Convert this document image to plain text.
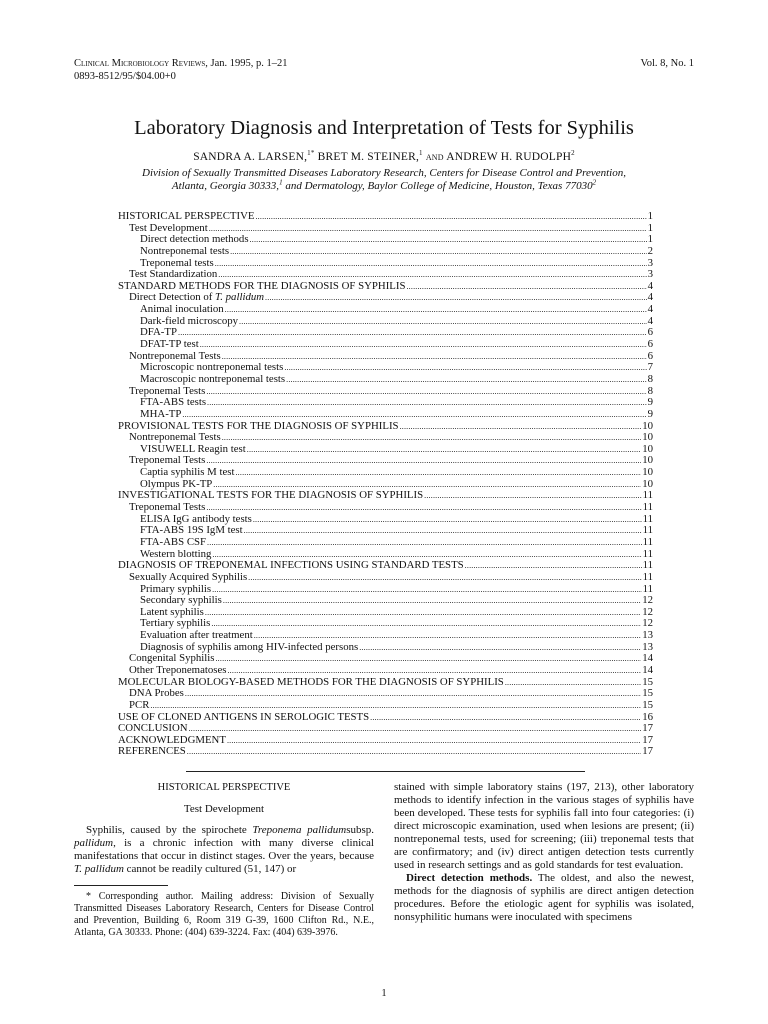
Clinical Microbiology Reviews, Jan. 1995, p. 1–21
0893-8512/95/$04.00+0
Vol. 8, No. 1
Laboratory Diagnosis and Interpretation of Tests for Syphilis
SANDRA A. LARSEN,$^{1*}$ BRET M. STEINER,$^1$ and ANDREW H. RUDOLPH$^2$
Division of Sexually Transmitted Diseases Laboratory Research, Centers for Disease Control and Prevention,
Atlanta, Georgia 30333,$^1$ and Dermatology, Baylor College of Medicine, Houston, Texas 77030$^2$
HISTORICAL PERSPECTIVE .....	1
Test Development .....	1
Direct detection methods .....	1
Nontreponemal tests .....	2
Treponemal tests .....	3
Test Standardization .....	3
STANDARD METHODS FOR THE DIAGNOSIS OF SYPHILIS .....	4
Direct Detection of T. pallidum .....	4
Animal inoculation .....	4
Dark-field microscopy .....	4
DFA-TP .....	6
DFAT-TP test .....	6
Nontreponemal Tests .....	6
Microscopic nontreponemal tests .....	7
Macroscopic nontreponemal tests .....	8
Treponemal Tests .....	8
FTA-ABS tests .....	9
MHA-TP .....	9
PROVISIONAL TESTS FOR THE DIAGNOSIS OF SYPHILIS .....	10
Nontreponemal Tests .....	10
VISUWELL Reagin test .....	10
Treponemal Tests .....	10
Captia syphilis M test .....	10
Olympus PK-TP .....	10
INVESTIGATIONAL TESTS FOR THE DIAGNOSIS OF SYPHILIS .....	11
Treponemal Tests .....	11
ELISA IgG antibody tests .....	11
FTA-ABS 19S IgM test .....	11
FTA-ABS CSF .....	11
Western blotting .....	11
DIAGNOSIS OF TREPONEMAL INFECTIONS USING STANDARD TESTS .....	11
Sexually Acquired Syphilis .....	11
Primary syphilis .....	11
Secondary syphilis .....	12
Latent syphilis .....	12
Tertiary syphilis .....	12
Evaluation after treatment .....	13
Diagnosis of syphilis among HIV-infected persons .....	13
Congenital Syphilis .....	14
Other Treponematoses .....	14
MOLECULAR BIOLOGY-BASED METHODS FOR THE DIAGNOSIS OF SYPHILIS .....	15
DNA Probes .....	15
PCR .....	15
USE OF CLONED ANTIGENS IN SEROLOGIC TESTS .....	16
CONCLUSION .....	17
ACKNOWLEDGMENT .....	17
REFERENCES .....	17
HISTORICAL PERSPECTIVE
Test Development

Syphilis, caused by the spirochete Treponema pallidumsubsp. pallidum, is a chronic infection with many diverse clinical manifestations that occur in distinct stages. Over the years, because T. pallidum cannot be readily cultured (51, 147) or

* Corresponding author. Mailing address: Division of Sexually Transmitted Diseases Laboratory Research, Centers for Disease Control and Prevention, Building 6, Room 319 G-39, 1600 Clifton Rd., N.E., Atlanta, GA 30333. Phone: (404) 639-3224. Fax: (404) 639-3976.

stained with simple laboratory stains (197, 213), other laboratory methods to identify infection in the various stages of syphilis have been developed. These tests for syphilis fall into four categories: (i) direct microscopic examination, used when lesions are present; (ii) nontreponemal tests, used for screening; (iii) treponemal tests that are confirmatory; and (iv) direct antigen detection tests currently used in research settings and as gold standards for test evaluation.

Direct detection methods. The oldest, and also the newest, methods for the diagnosis of syphilis are direct antigen detection procedures. Before the etiologic agent for syphilis was isolated, nonsyphilitic humans were inoculated with specimens

1
